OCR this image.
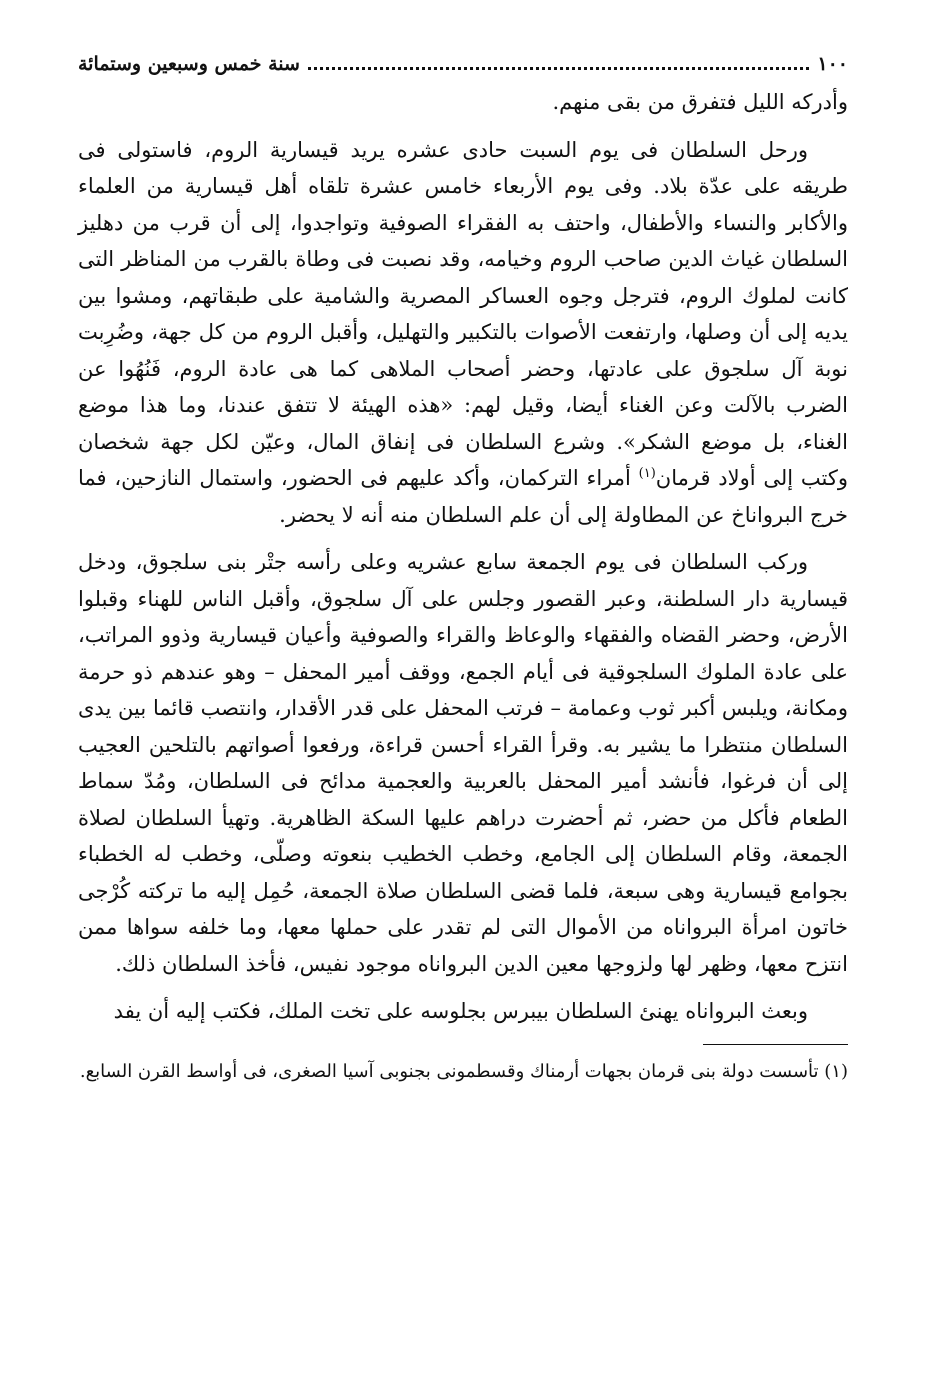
١٠٠
سنة خمس وسبعين وستمائة

وأدركه الليل فتفرق من بقى منهم.

ورحل السلطان فى يوم السبت حادى عشره يريد قيسارية الروم، فاستولى فى طريقه على عدّة بلاد. وفى يوم الأربعاء خامس عشرة تلقاه أهل قيسارية من العلماء والأكابر والنساء والأطفال، واحتف به الفقراء الصوفية وتواجدوا، إلى أن قرب من دهليز السلطان غياث الدين صاحب الروم وخيامه، وقد نصبت فى وطاة بالقرب من المناظر التى كانت لملوك الروم، فترجل وجوه العساكر المصرية والشامية على طبقاتهم، ومشوا بين يديه إلى أن وصلها، وارتفعت الأصوات بالتكبير والتهليل، وأقبل الروم من كل جهة، وضُرِبت نوبة آل سلجوق على عادتها، وحضر أصحاب الملاهى كما هى عادة الروم، فَنُهُوا عن الضرب بالآلت وعن الغناء أيضا، وقيل لهم: «هذه الهيئة لا تتفق عندنا، وما هذا موضع الغناء، بل موضع الشكر». وشرع السلطان فى إنفاق المال، وعيّن لكل جهة شخصان وكتب إلى أولاد قرمان$^{(١)}$ أمراء التركمان، وأكد عليهم فى الحضور، واستمال النازحين، فما خرج البرواناخ عن المطاولة إلى أن علم السلطان منه أنه لا يحضر.

وركب السلطان فى يوم الجمعة سابع عشريه وعلى رأسه جتْر بنى سلجوق، ودخل قيسارية دار السلطنة، وعبر القصور وجلس على آل سلجوق، وأقبل الناس للهناء وقبلوا الأرض، وحضر القضاه والفقهاء والوعاظ والقراء والصوفية وأعيان قيسارية وذوو المراتب، على عادة الملوك السلجوقية فى أيام الجمع، ووقف أمير المحفل – وهو عندهم ذو حرمة ومكانة، ويلبس أكبر ثوب وعمامة – فرتب المحفل على قدر الأقدار، وانتصب قائما بين يدى السلطان منتظرا ما يشير به. وقرأ القراء أحسن قراءة، ورفعوا أصواتهم بالتلحين العجيب إلى أن فرغوا، فأنشد أمير المحفل بالعربية والعجمية مدائح فى السلطان، ومُدّ سماط الطعام فأكل من حضر، ثم أحضرت دراهم عليها السكة الظاهرية. وتهيأ السلطان لصلاة الجمعة، وقام السلطان إلى الجامع، وخطب الخطيب بنعوته وصلّى، وخطب له الخطباء بجوامع قيسارية وهى سبعة، فلما قضى السلطان صلاة الجمعة، حُمِل إليه ما تركته كُرْجى خاتون امرأة البرواناه من الأموال التى لم تقدر على حملها معها، وما خلفه سواها ممن انتزح معها، وظهر لها ولزوجها معين الدين البرواناه موجود نفيس، فأخذ السلطان ذلك.

وبعث البرواناه يهنئ السلطان بيبرس بجلوسه على تخت الملك، فكتب إليه أن يفد

(١) تأسست دولة بنى قرمان بجهات أرمناك وقسطمونى بجنوبى آسيا الصغرى، فى أواسط القرن السابع.
